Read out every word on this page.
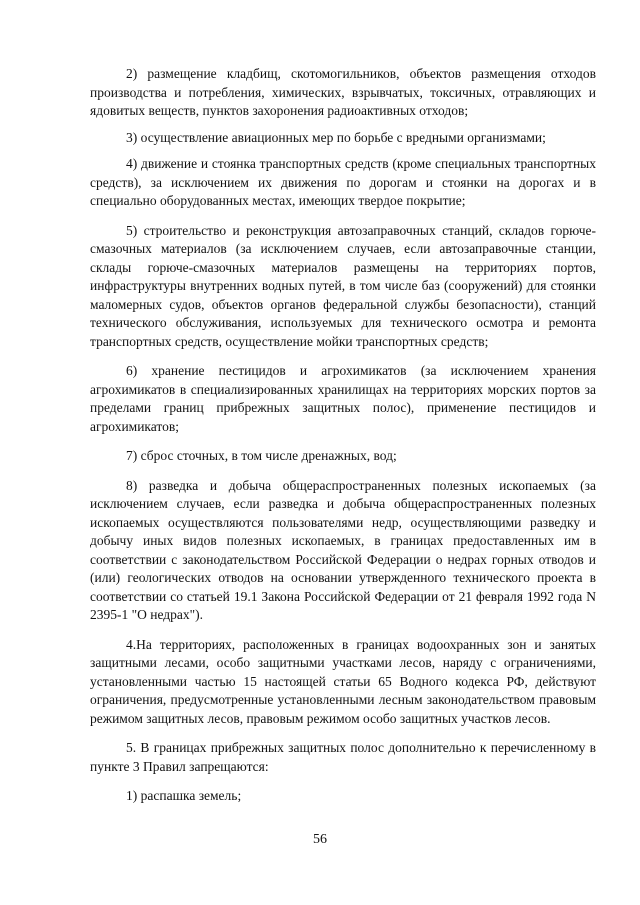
2) размещение кладбищ, скотомогильников, объектов размещения отходов производства и потребления, химических, взрывчатых, токсичных, отравляющих и ядовитых веществ, пунктов захоронения радиоактивных отходов;

3) осуществление авиационных мер по борьбе с вредными организмами;

4) движение и стоянка транспортных средств (кроме специальных транспортных средств), за исключением их движения по дорогам и стоянки на дорогах и в специально оборудованных местах, имеющих твердое покрытие;

5) строительство и реконструкция автозаправочных станций, складов горюче-смазочных материалов (за исключением случаев, если автозаправочные станции, склады горюче-смазочных материалов размещены на территориях портов, инфраструктуры внутренних водных путей, в том числе баз (сооружений) для стоянки маломерных судов, объектов органов федеральной службы безопасности), станций технического обслуживания, используемых для технического осмотра и ремонта транспортных средств, осуществление мойки транспортных средств;

6) хранение пестицидов и агрохимикатов (за исключением хранения агрохимикатов в специализированных хранилищах на территориях морских портов за пределами границ прибрежных защитных полос), применение пестицидов и агрохимикатов;

7) сброс сточных, в том числе дренажных, вод;

8) разведка и добыча общераспространенных полезных ископаемых (за исключением случаев, если разведка и добыча общераспространенных полезных ископаемых осуществляются пользователями недр, осуществляющими разведку и добычу иных видов полезных ископаемых, в границах предоставленных им в соответствии с законодательством Российской Федерации о недрах горных отводов и (или) геологических отводов на основании утвержденного технического проекта в соответствии со статьей 19.1 Закона Российской Федерации от 21 февраля 1992 года N 2395-1 "О недрах").

4.На территориях, расположенных в границах водоохранных зон и занятых защитными лесами, особо защитными участками лесов, наряду с ограничениями, установленными частью 15 настоящей статьи 65 Водного кодекса РФ, действуют ограничения, предусмотренные установленными лесным законодательством правовым режимом защитных лесов, правовым режимом особо защитных участков лесов.

5. В границах прибрежных защитных полос дополнительно к перечисленному в пункте 3 Правил запрещаются:

1) распашка земель;

56
